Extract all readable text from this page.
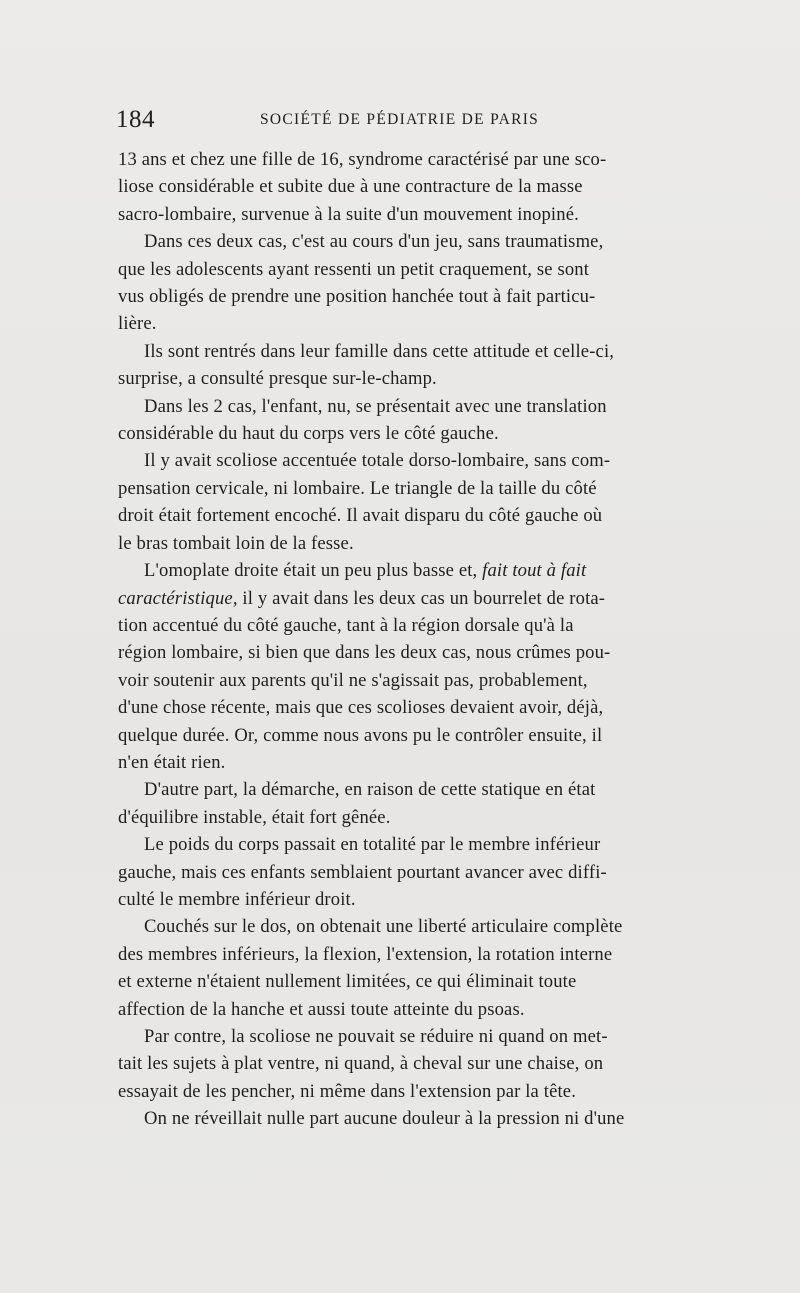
184	SOCIÉTÉ DE PÉDIATRIE DE PARIS

13 ans et chez une fille de 16, syndrome caractérisé par une sco-
liose considérable et subite due à une contracture de la masse
sacro-lombaire, survenue à la suite d'un mouvement inopiné.

Dans ces deux cas, c'est au cours d'un jeu, sans traumatisme,
que les adolescents ayant ressenti un petit craquement, se sont
vus obligés de prendre une position hanchée tout à fait particu-
lière.

Ils sont rentrés dans leur famille dans cette attitude et celle-ci,
surprise, a consulté presque sur-le-champ.

Dans les 2 cas, l'enfant, nu, se présentait avec une translation
considérable du haut du corps vers le côté gauche.

Il y avait scoliose accentuée totale dorso-lombaire, sans com-
pensation cervicale, ni lombaire. Le triangle de la taille du côté
droit était fortement encoché. Il avait disparu du côté gauche où
le bras tombait loin de la fesse.

L'omoplate droite était un peu plus basse et, fait tout à fait
caractéristique, il y avait dans les deux cas un bourrelet de rota-
tion accentué du côté gauche, tant à la région dorsale qu'à la
région lombaire, si bien que dans les deux cas, nous crûmes pou-
voir soutenir aux parents qu'il ne s'agissait pas, probablement,
d'une chose récente, mais que ces scolioses devaient avoir, déjà,
quelque durée. Or, comme nous avons pu le contrôler ensuite, il
n'en était rien.

D'autre part, la démarche, en raison de cette statique en état
d'équilibre instable, était fort gênée.

Le poids du corps passait en totalité par le membre inférieur
gauche, mais ces enfants semblaient pourtant avancer avec diffi-
culté le membre inférieur droit.

Couchés sur le dos, on obtenait une liberté articulaire complète
des membres inférieurs, la flexion, l'extension, la rotation interne
et externe n'étaient nullement limitées, ce qui éliminait toute
affection de la hanche et aussi toute atteinte du psoas.

Par contre, la scoliose ne pouvait se réduire ni quand on met-
tait les sujets à plat ventre, ni quand, à cheval sur une chaise, on
essayait de les pencher, ni même dans l'extension par la tête.

On ne réveillait nulle part aucune douleur à la pression ni d'une
